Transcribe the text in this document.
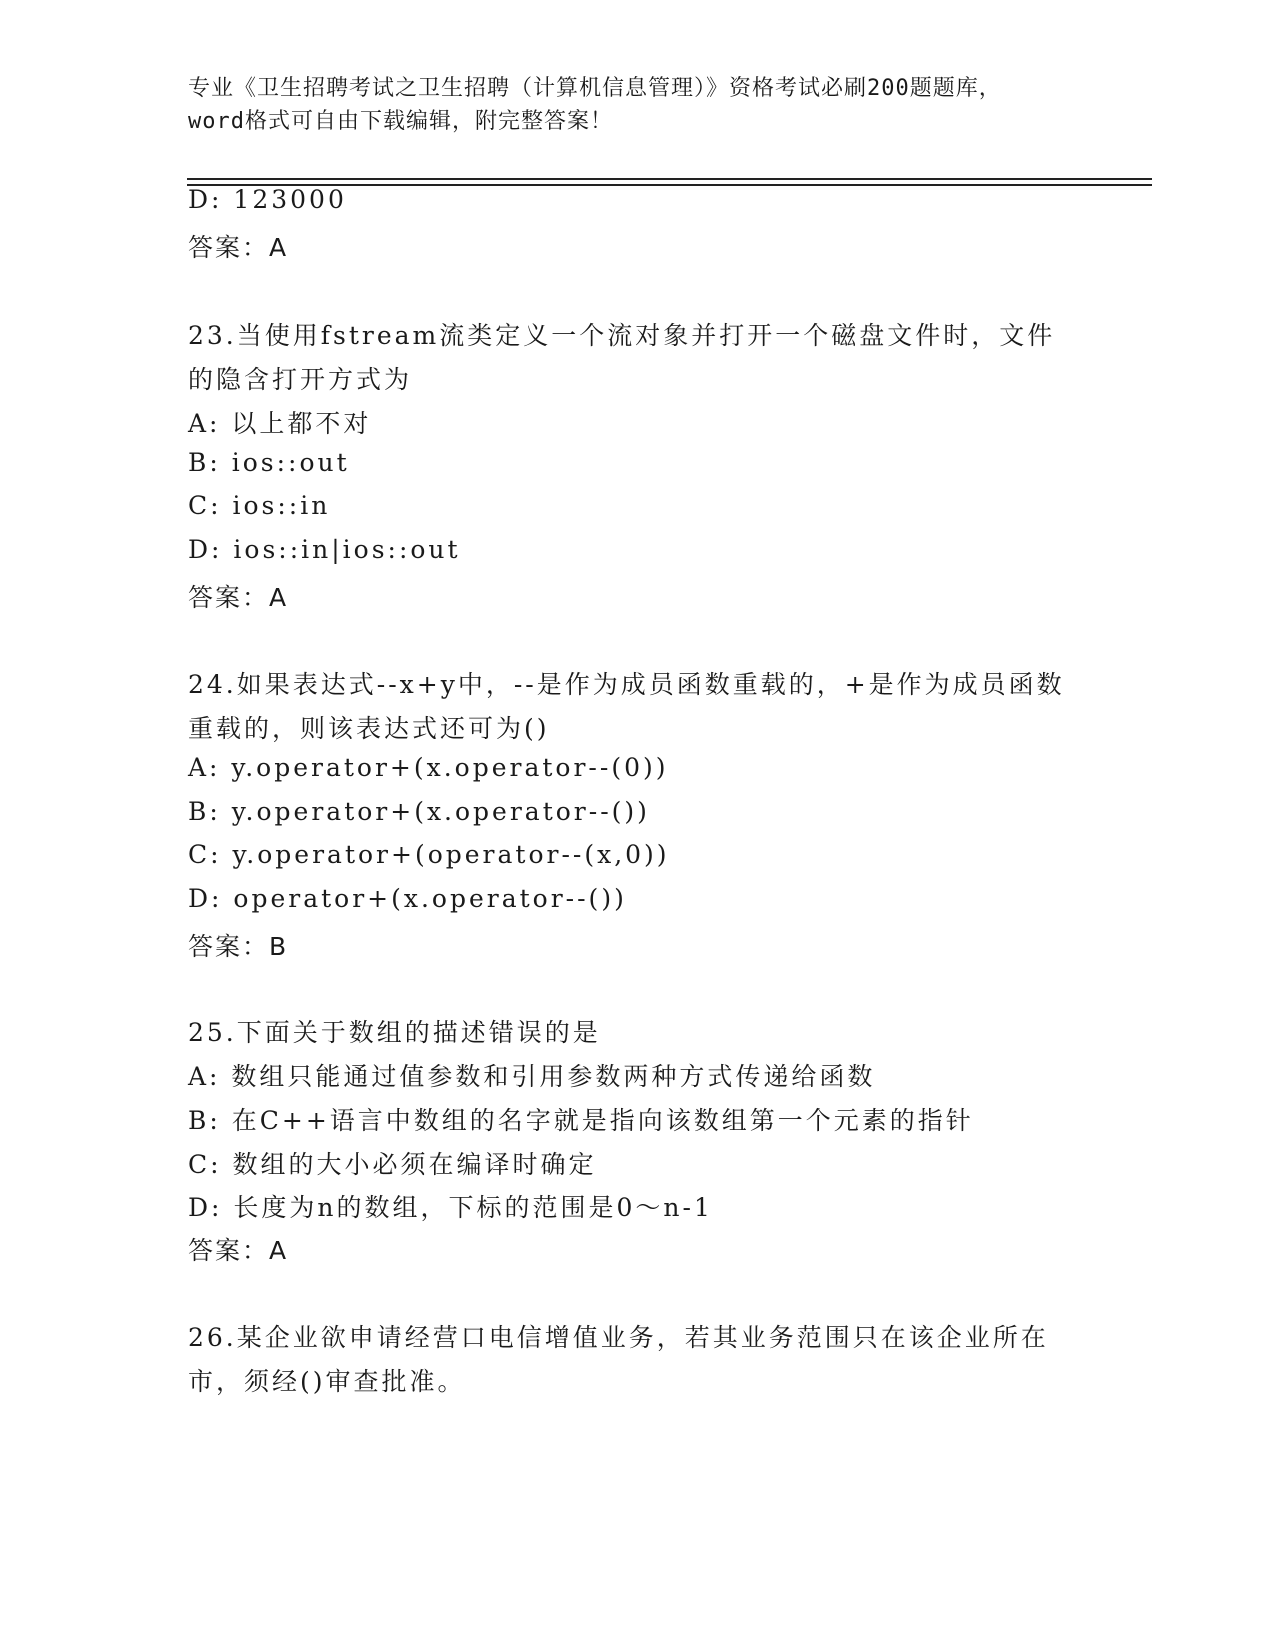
专业《卫生招聘考试之卫生招聘（计算机信息管理）》资格考试必刷200题题库，
word格式可自由下载编辑，附完整答案！
D: 123000
答案：A
23.当使用fstream流类定义一个流对象并打开一个磁盘文件时，文件
的隐含打开方式为
A: 以上都不对
B: ios::out
C: ios::in
D: ios::in|ios::out
答案：A
24.如果表达式--x+y中，--是作为成员函数重载的，+是作为成员函数
重载的，则该表达式还可为()
A: y.operator+(x.operator--(0))
B: y.operator+(x.operator--())
C: y.operator+(operator--(x,0))
D: operator+(x.operator--())
答案：B
25.下面关于数组的描述错误的是
A: 数组只能通过值参数和引用参数两种方式传递给函数
B: 在C++语言中数组的名字就是指向该数组第一个元素的指针
C: 数组的大小必须在编译时确定
D: 长度为n的数组，下标的范围是0～n-1
答案：A
26.某企业欲申请经营口电信增值业务，若其业务范围只在该企业所在
市，须经()审查批准。
